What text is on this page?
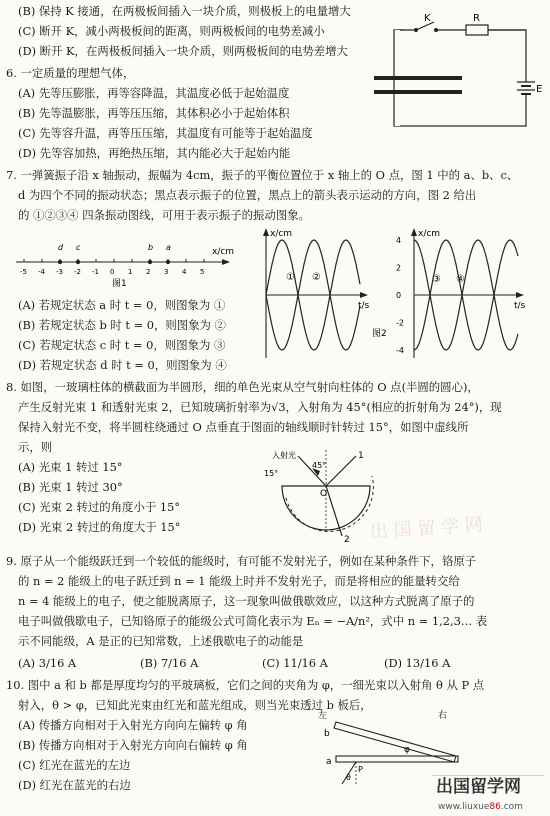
(B) 保持 K 接通，在两极板间插入一块介质，则极板上的电量增大
(C) 断开 K，减小两极板间的距离，则两极板间的电势差减小
(D) 断开 K，在两极板间插入一块介质，则两极板间的电势差增大
K	R
E
6. 一定质量的理想气体，
(A) 先等压膨胀，再等容降温，其温度必低于起始温度
(B) 先等温膨胀，再等压压缩，其体积必小于起始体积
(C) 先等容升温，再等压压缩，其温度有可能等于起始温度
(D) 先等容加热，再绝热压缩，其内能必大于起始内能
7. 一弹簧振子沿 x 轴振动，振幅为 4cm，振子的平衡位置位于 x 轴上的 O 点，图 1 中的 a、b、c、
d 为四个不同的振动状态；黑点表示振子的位置，黑点上的箭头表示运动的方向，图 2 给出
的 ①②③④ 四条振动图线，可用于表示振子的振动图象。
-5 -4 -3 -2 -1 0 1 2 3 4 5
d c	b a	x/cm
图1
x/cm
t/s
① ②
x/cm
t/s
4
2
0
-2
-4
③ ④
图2
(A) 若规定状态 a 时 t = 0，则图象为 ①
(B) 若规定状态 b 时 t = 0，则图象为 ②
(C) 若规定状态 c 时 t = 0，则图象为 ③
(D) 若规定状态 d 时 t = 0，则图象为 ④
8. 如图，一玻璃柱体的横截面为半圆形，细的单色光束从空气射向柱体的 O 点(半圆的圆心)，
产生反射光束 1 和透射光束 2，已知玻璃折射率为√3，入射角为 45°(相应的折射角为 24°)，现
保持入射光不变，将半圆柱绕通过 O 点垂直于图面的轴线顺时针转过 15°，如图中虚线所
示，则
(A) 光束 1 转过 15°
(B) 光束 1 转过 30°
(C) 光束 2 转过的角度小于 15°
(D) 光束 2 转过的角度大于 15°
入射光
15°
45°
O
1
2 出 国 留 学 网
9. 原子从一个能级跃迁到一个较低的能级时，有可能不发射光子，例如在某种条件下，铬原子
的 n = 2 能级上的电子跃迁到 n = 1 能级上时并不发射光子，而是将相应的能量转交给
n = 4 能级上的电子，使之能脱离原子，这一现象叫做俄歇效应，以这种方式脱离了原子的
电子叫做俄歇电子，已知铬原子的能级公式可简化表示为 Eₙ = −A/n²，式中 n = 1,2,3… 表
示不同能级，A 是正的已知常数，上述俄歇电子的动能是
(A) 3/16 A	(B) 7/16 A	(C) 11/16 A	(D) 13/16 A
10. 图中 a 和 b 都是厚度均匀的平玻璃板，它们之间的夹角为 φ，一细光束以入射角 θ 从 P 点
射入，θ > φ，已知此光束由红光和蓝光组成，则当光束透过 b 板后，
(A) 传播方向相对于入射光方向向左偏转 φ 角
(B) 传播方向相对于入射光方向向右偏转 φ 角
(C) 红光在蓝光的左边
(D) 红光在蓝光的右边
左	右
b
a
φ
θ
P
出国留学网
www.liuxue86.com
